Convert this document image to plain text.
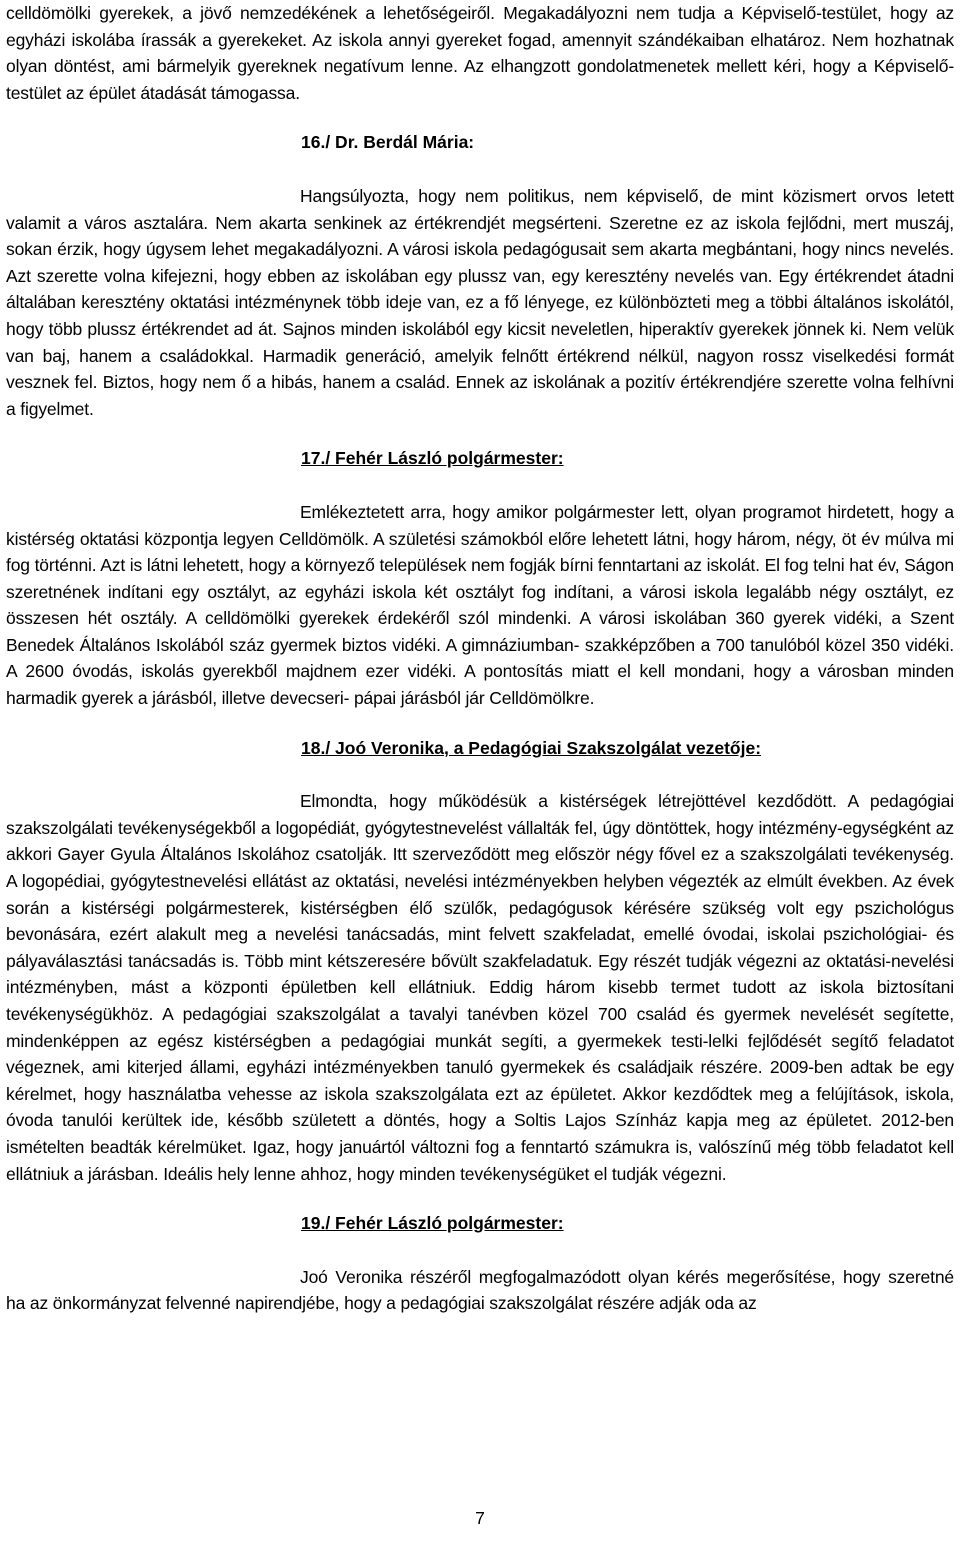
celldömölki gyerekek, a jövő nemzedékének a lehetőségeiről. Megakadályozni nem tudja a Képviselő-testület, hogy az egyházi iskolába írassák a gyerekeket. Az iskola annyi gyereket fogad, amennyit szándékaiban elhatároz. Nem hozhatnak olyan döntést, ami bármelyik gyereknek negatívum lenne. Az elhangzott gondolatmenetek mellett kéri, hogy a Képviselő-testület az épület átadását támogassa.

16./ Dr. Berdál Mária:

Hangsúlyozta, hogy nem politikus, nem képviselő, de mint közismert orvos letett valamit a város asztalára. Nem akarta senkinek az értékrendjét megsérteni. Szeretne ez az iskola fejlődni, mert muszáj, sokan érzik, hogy úgysem lehet megakadályozni. A városi iskola pedagógusait sem akarta megbántani, hogy nincs nevelés. Azt szerette volna kifejezni, hogy ebben az iskolában egy plussz van, egy keresztény nevelés van. Egy értékrendet átadni általában keresztény oktatási intézménynek több ideje van, ez a fő lényege, ez különbözteti meg a többi általános iskolától, hogy több plussz értékrendet ad át. Sajnos minden iskolából egy kicsit neveletlen, hiperaktív gyerekek jönnek ki. Nem velük van baj, hanem a családokkal. Harmadik generáció, amelyik felnőtt értékrend nélkül, nagyon rossz viselkedési formát vesznek fel. Biztos, hogy nem ő a hibás, hanem a család. Ennek az iskolának a pozitív értékrendjére szerette volna felhívni a figyelmet.

17./ Fehér László polgármester:

Emlékeztetett arra, hogy amikor polgármester lett, olyan programot hirdetett, hogy a kistérség oktatási központja legyen Celldömölk. A születési számokból előre lehetett látni, hogy három, négy, öt év múlva mi fog történni. Azt is látni lehetett, hogy a környező települések nem fogják bírni fenntartani az iskolát. El fog telni hat év, Ságon szeretnének indítani egy osztályt, az egyházi iskola két osztályt fog indítani, a városi iskola legalább négy osztályt, ez összesen hét osztály. A celldömölki gyerekek érdekéről szól mindenki. A városi iskolában 360 gyerek vidéki, a Szent Benedek Általános Iskolából száz gyermek biztos vidéki. A gimnáziumban- szakképzőben a 700 tanulóból közel 350 vidéki. A 2600 óvodás, iskolás gyerekből majdnem ezer vidéki. A pontosítás miatt el kell mondani, hogy a városban minden harmadik gyerek a járásból, illetve devecseri- pápai járásból jár Celldömölkre.

18./ Joó Veronika, a Pedagógiai Szakszolgálat vezetője:

Elmondta, hogy működésük a kistérségek létrejöttével kezdődött. A pedagógiai szakszolgálati tevékenységekből a logopédiát, gyógytestnevelést vállalták fel, úgy döntöttek, hogy intézmény-egységként az akkori Gayer Gyula Általános Iskolához csatolják. Itt szerveződött meg először négy fővel ez a szakszolgálati tevékenység. A logopédiai, gyógytestnevelési ellátást az oktatási, nevelési intézményekben helyben végezték az elmúlt években. Az évek során a kistérségi polgármesterek, kistérségben élő szülők, pedagógusok kérésére szükség volt egy pszichológus bevonására, ezért alakult meg a nevelési tanácsadás, mint felvett szakfeladat, emellé óvodai, iskolai pszichológiai- és pályaválasztási tanácsadás is. Több mint kétszeresére bővült szakfeladatuk. Egy részét tudják végezni az oktatási-nevelési intézményben, mást a központi épületben kell ellátniuk. Eddig három kisebb termet tudott az iskola biztosítani tevékenységükhöz. A pedagógiai szakszolgálat a tavalyi tanévben közel 700 család és gyermek nevelését segítette, mindenképpen az egész kistérségben a pedagógiai munkát segíti, a gyermekek testi-lelki fejlődését segítő feladatot végeznek, ami kiterjed állami, egyházi intézményekben tanuló gyermekek és családjaik részére. 2009-ben adtak be egy kérelmet, hogy használatba vehesse az iskola szakszolgálata ezt az épületet. Akkor kezdődtek meg a felújítások, iskola, óvoda tanulói kerültek ide, később született a döntés, hogy a Soltis Lajos Színház kapja meg az épületet. 2012-ben ismételten beadták kérelmüket. Igaz, hogy januártól változni fog a fenntartó számukra is, valószínű még több feladatot kell ellátniuk a járásban. Ideális hely lenne ahhoz, hogy minden tevékenységüket el tudják végezni.

19./ Fehér László polgármester:

Joó Veronika részéről megfogalmazódott olyan kérés megerősítése, hogy szeretné ha az önkormányzat felvenné napirendjébe, hogy a pedagógiai szakszolgálat részére adják oda az

7
